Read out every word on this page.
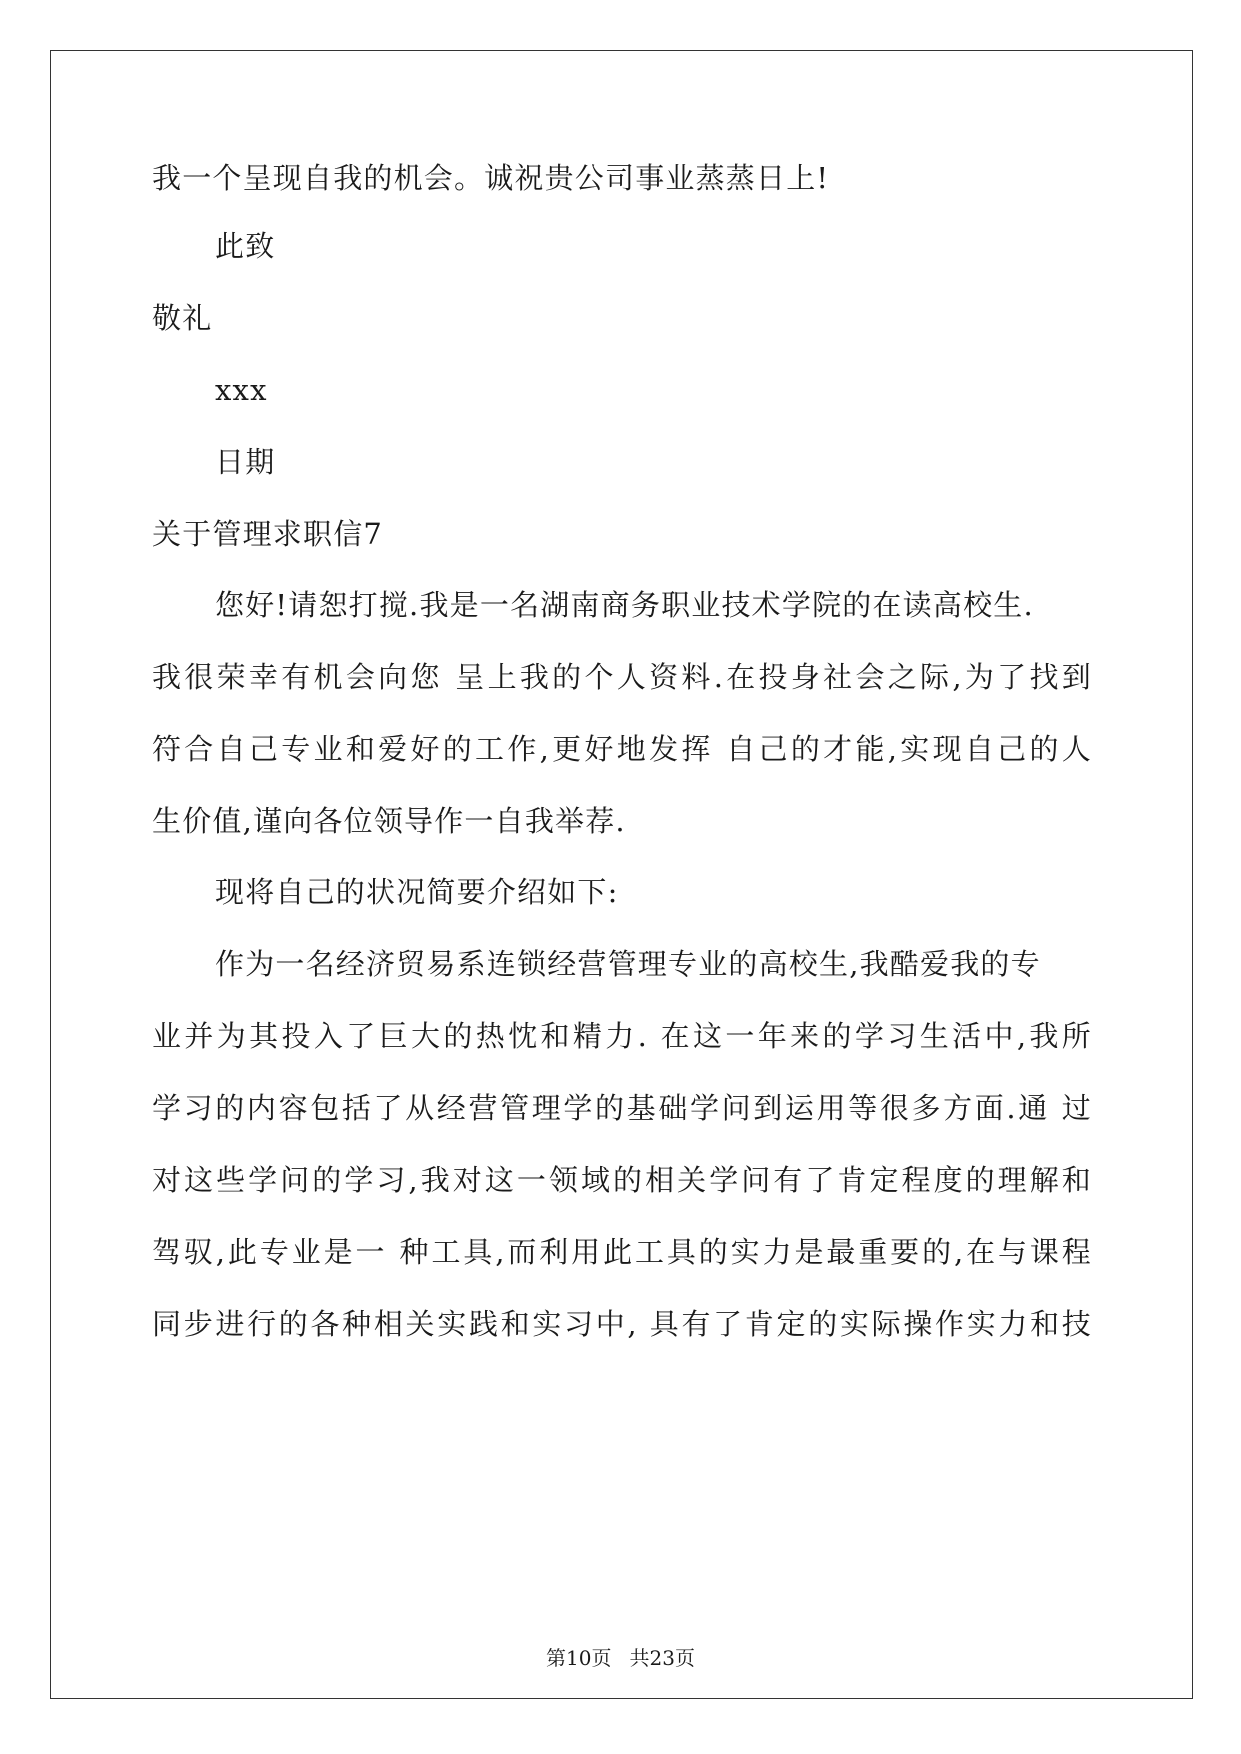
我一个呈现自我的机会。诚祝贵公司事业蒸蒸日上!
此致
敬礼
xxx
日期
关于管理求职信7
您好!请恕打搅.我是一名湖南商务职业技术学院的在读高校生.
我很荣幸有机会向您 呈上我的个人资料.在投身社会之际,为了找到
符合自己专业和爱好的工作,更好地发挥 自己的才能,实现自己的人
生价值,谨向各位领导作一自我举荐.
现将自己的状况简要介绍如下:
作为一名经济贸易系连锁经营管理专业的高校生,我酷爱我的专
业并为其投入了巨大的热忱和精力. 在这一年来的学习生活中,我所
学习的内容包括了从经营管理学的基础学问到运用等很多方面.通 过
对这些学问的学习,我对这一领域的相关学问有了肯定程度的理解和
驾驭,此专业是一 种工具,而利用此工具的实力是最重要的,在与课程
同步进行的各种相关实践和实习中, 具有了肯定的实际操作实力和技
第10页 共23页
